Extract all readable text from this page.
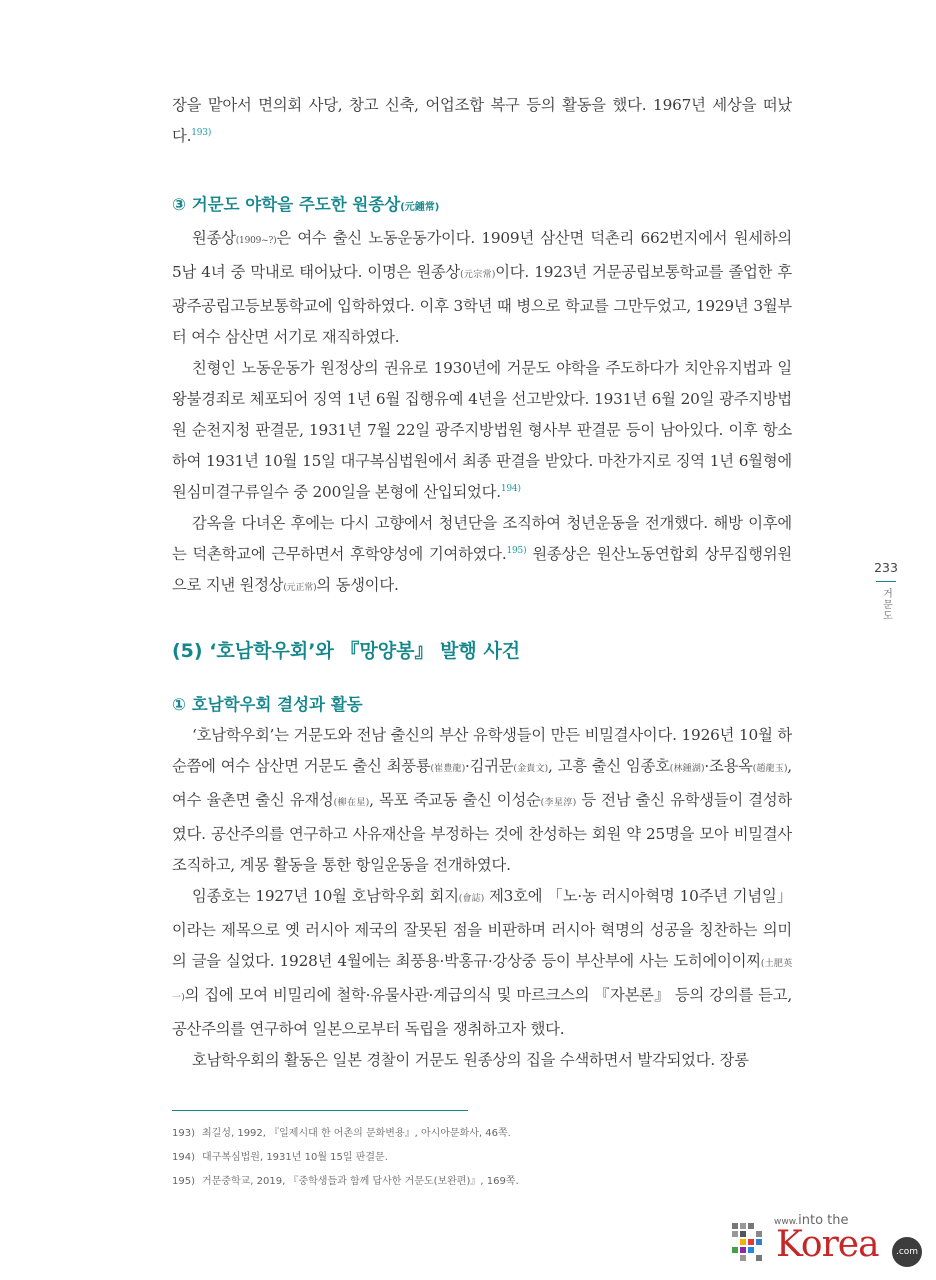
장을 맡아서 면의회 사당, 창고 신축, 어업조합 복구 등의 활동을 했다. 1967년 세상을 떠났다.$^{193)}$

③ 거문도 야학을 주도한 원종상(元鍾常)

원종상(1909~?)은 여수 출신 노동운동가이다. 1909년 삼산면 덕촌리 662번지에서 원세하의 5남 4녀 중 막내로 태어났다. 이명은 원종상(元宗常)이다. 1923년 거문공립보통학교를 졸업한 후 광주공립고등보통학교에 입학하였다. 이후 3학년 때 병으로 학교를 그만두었고, 1929년 3월부터 여수 삼산면 서기로 재직하였다.

친형인 노동운동가 원정상의 권유로 1930년에 거문도 야학을 주도하다가 치안유지법과 일왕불경죄로 체포되어 징역 1년 6월 집행유예 4년을 선고받았다. 1931년 6월 20일 광주지방법원 순천지청 판결문, 1931년 7월 22일 광주지방법원 형사부 판결문 등이 남아있다. 이후 항소하여 1931년 10월 15일 대구복심법원에서 최종 판결을 받았다. 마찬가지로 징역 1년 6월형에 원심미결구류일수 중 200일을 본형에 산입되었다.$^{194)}$

감옥을 다녀온 후에는 다시 고향에서 청년단을 조직하여 청년운동을 전개했다. 해방 이후에는 덕촌학교에 근무하면서 후학양성에 기여하였다.$^{195)}$ 원종상은 원산노동연합회 상무집행위원으로 지낸 원정상(元正常)의 동생이다.

(5) ‘호남학우회’와 『망양봉』 발행 사건
① 호남학우회 결성과 활동

‘호남학우회’는 거문도와 전남 출신의 부산 유학생들이 만든 비밀결사이다. 1926년 10월 하순쯤에 여수 삼산면 거문도 출신 최풍룡(崔豊龍)·김귀문(金貴文), 고흥 출신 임종호(林鍾湖)·조용옥(趙龍玉), 여수 율촌면 출신 유재성(柳在星), 목포 죽교동 출신 이성순(李星淳) 등 전남 출신 유학생들이 결성하였다. 공산주의를 연구하고 사유재산을 부정하는 것에 찬성하는 회원 약 25명을 모아 비밀결사 조직하고, 계몽 활동을 통한 항일운동을 전개하였다.

임종호는 1927년 10월 호남학우회 회지(會誌) 제3호에 「노·농 러시아혁명 10주년 기념일」이라는 제목으로 옛 러시아 제국의 잘못된 점을 비판하며 러시아 혁명의 성공을 칭찬하는 의미의 글을 실었다. 1928년 4월에는 최풍용·박홍규·강상중 등이 부산부에 사는 도히에이이찌(土肥英一)의 집에 모여 비밀리에 철학·유물사관·계급의식 및 마르크스의 『자본론』 등의 강의를 듣고, 공산주의를 연구하여 일본으로부터 독립을 쟁취하고자 했다.

호남학우회의 활동은 일본 경찰이 거문도 원종상의 집을 수색하면서 발각되었다. 장롱

233
거문도
193) 최길성, 1992, 『일제시대 한 어촌의 문화변용』, 아시아문화사, 46쪽.
194) 대구복심법원, 1931년 10월 15일 판결문.
195) 거문중학교, 2019, 『중학생들과 함께 답사한 거문도(보완편)』, 169쪽.
www.into the
Korea	.com
